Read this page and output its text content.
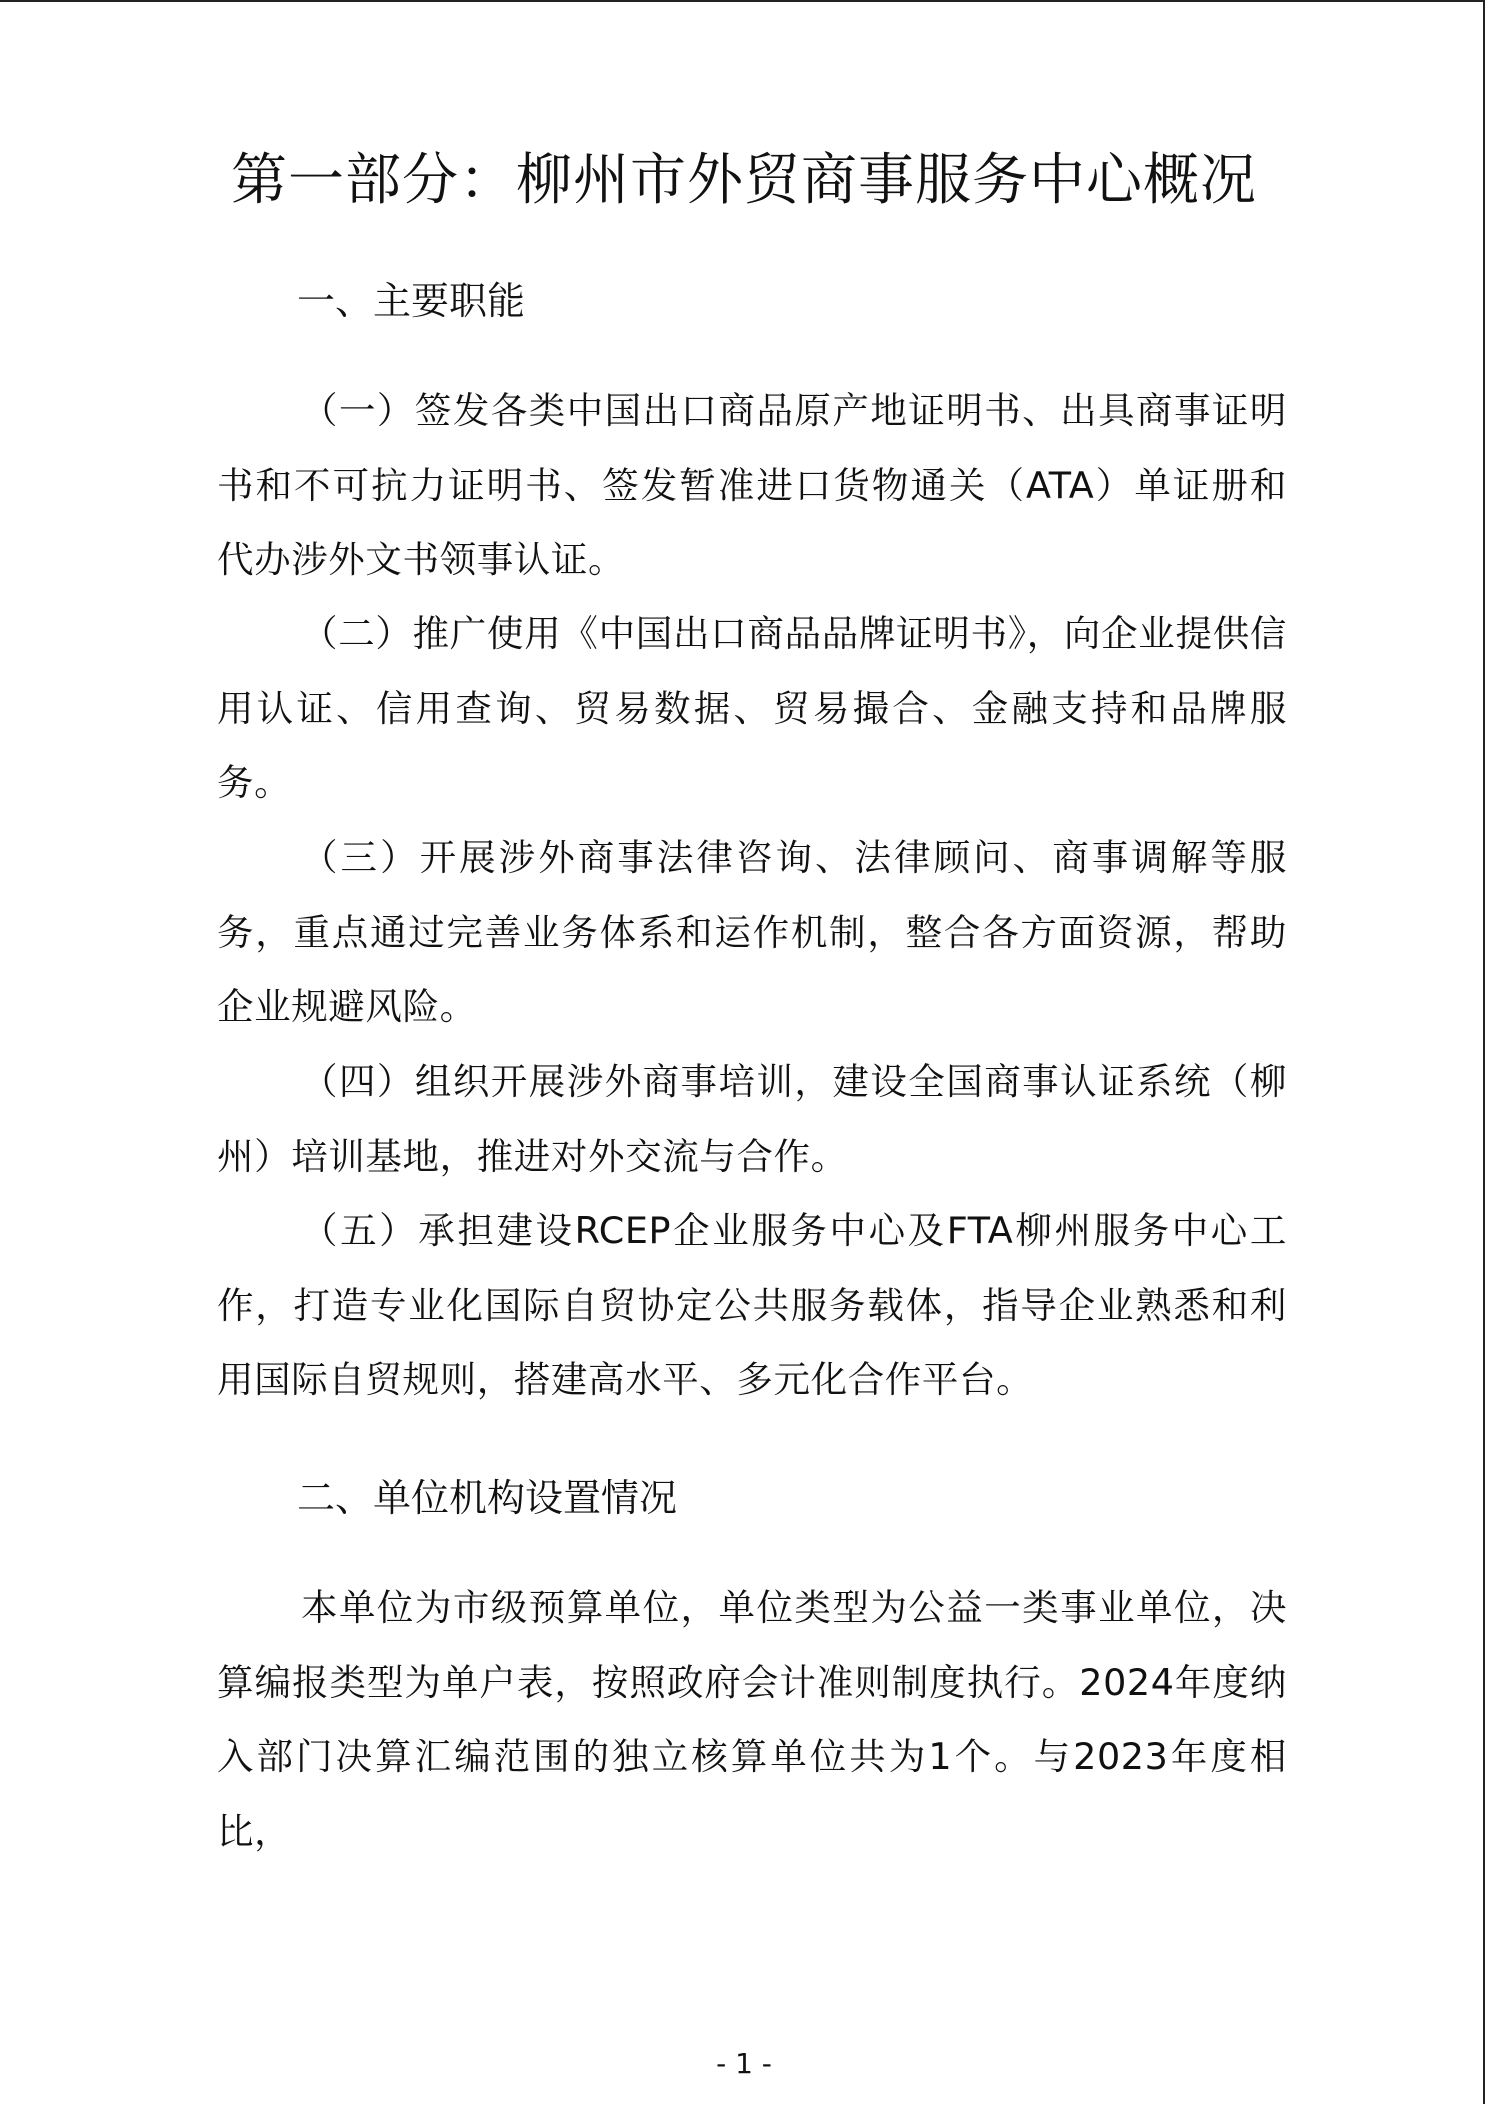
第一部分：柳州市外贸商事服务中心概况
一、主要职能

（一）签发各类中国出口商品原产地证明书、出具商事证明书和不可抗力证明书、签发暂准进口货物通关（ATA）单证册和代办涉外文书领事认证。

（二）推广使用《中国出口商品品牌证明书》，向企业提供信用认证、信用查询、贸易数据、贸易撮合、金融支持和品牌服务。

（三）开展涉外商事法律咨询、法律顾问、商事调解等服务，重点通过完善业务体系和运作机制，整合各方面资源，帮助企业规避风险。

（四）组织开展涉外商事培训，建设全国商事认证系统（柳州）培训基地，推进对外交流与合作。

（五）承担建设RCEP企业服务中心及FTA柳州服务中心工作，打造专业化国际自贸协定公共服务载体，指导企业熟悉和利用国际自贸规则，搭建高水平、多元化合作平台。

二、单位机构设置情况

本单位为市级预算单位，单位类型为公益一类事业单位，决算编报类型为单户表，按照政府会计准则制度执行。2024年度纳入部门决算汇编范围的独立核算单位共为1个。与2023年度相比，

- 1 -
